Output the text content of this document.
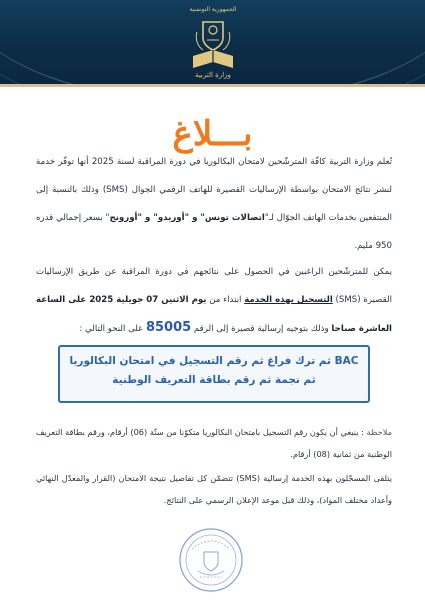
الجمهورية التونسية
وزارة التربية
بـــلاغ
تُعلم وزارة التربية كافّة المترشّحين لامتحان البكالوريا في دورة المراقبة لسنة 2025 أنها توفّر خدمة لنشر نتائج الامتحان بواسطة الإرساليات القصيرة للهاتف الرقمي الجوال (SMS) وذلك بالنسبة إلى المنتفعين بخدمات الهاتف الجوّال لـ"اتصالات تونس" و "أوريدو" و "أورونج" بسعر إجمالي قدره 950 مليم.
يمكن للمترشّحين الراغبين في الحصول على نتائجهم في دورة المراقبة عن طريق الإرساليات القصيرة (SMS) التسجيل بهذه الخدمة ابتداء من يوم الاثنين 07 جويلية 2025 على الساعة العاشرة صباحا وذلك بتوجيه إرسالية قصيرة إلى الرقم 85005 على النحو التالي :
BAC ثم ترك فراغ ثم رقم التسجيل في امتحان البكالوريا ثم نجمة ثم رقم بطاقة التعريف الوطنية
ملاحظة : ينبغي أن يكون رقم التسجيل بامتحان البكالوريا متكوّنا من ستّة (06) أرقام، ورقم بطاقة التعريف الوطنية من ثمانية (08) أرقام.
يتلقى المسجّلون بهذه الخدمة إرسالية (SMS) تتضمّن كل تفاصيل نتيجة الامتحان (القرار والمعدّل النهائي وأعداد مختلف المواد)، وذلك قبل موعد الإعلان الرسمي على النتائج.
